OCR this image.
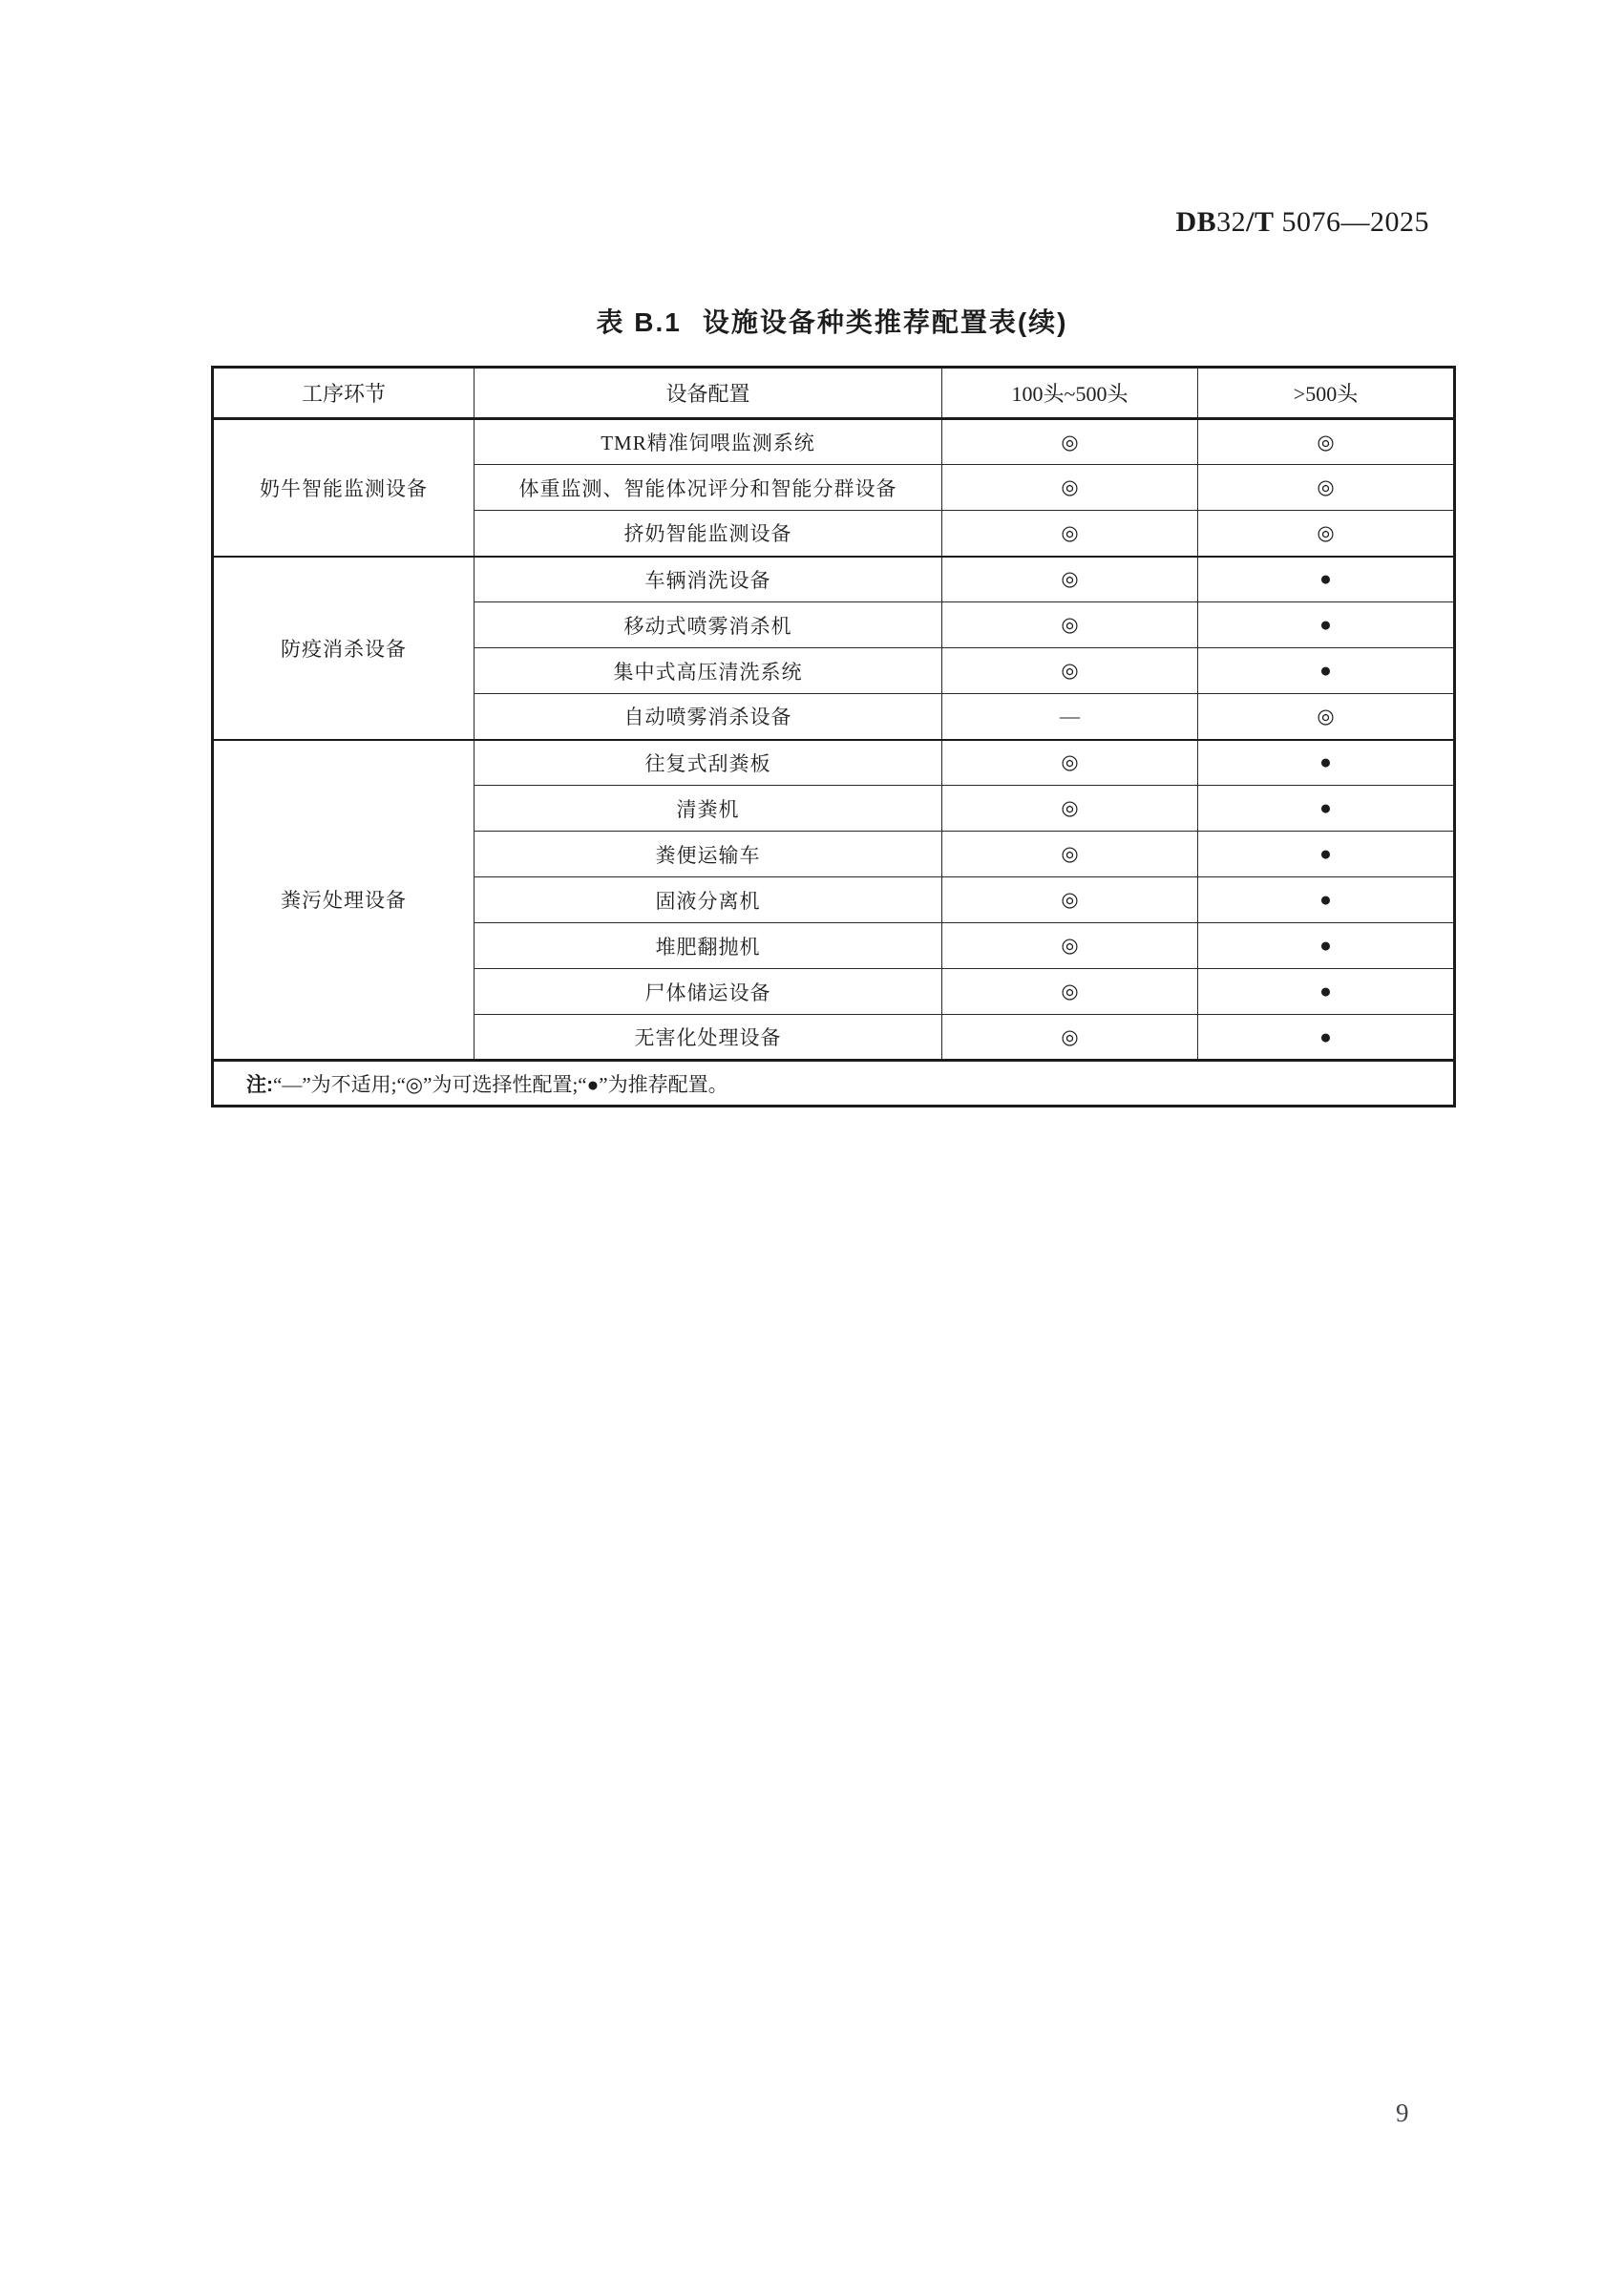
DB32/T 5076—2025
表 B.1 设施设备种类推荐配置表(续)
工序环节	设备配置	100头~500头	>500头
奶牛智能监测设备	TMR精准饲喂监测系统	◎	◎
	体重监测、智能体况评分和智能分群设备	◎	◎
	挤奶智能监测设备	◎	◎
防疫消杀设备	车辆消洗设备	◎	●
	移动式喷雾消杀机	◎	●
	集中式高压清洗系统	◎	●
	自动喷雾消杀设备	—	◎
粪污处理设备	往复式刮粪板	◎	●
	清粪机	◎	●
	粪便运输车	◎	●
	固液分离机	◎	●
	堆肥翻抛机	◎	●
	尸体储运设备	◎	●
	无害化处理设备	◎	●
注:“—”为不适用;“◎”为可选择性配置;“●”为推荐配置。			
9
